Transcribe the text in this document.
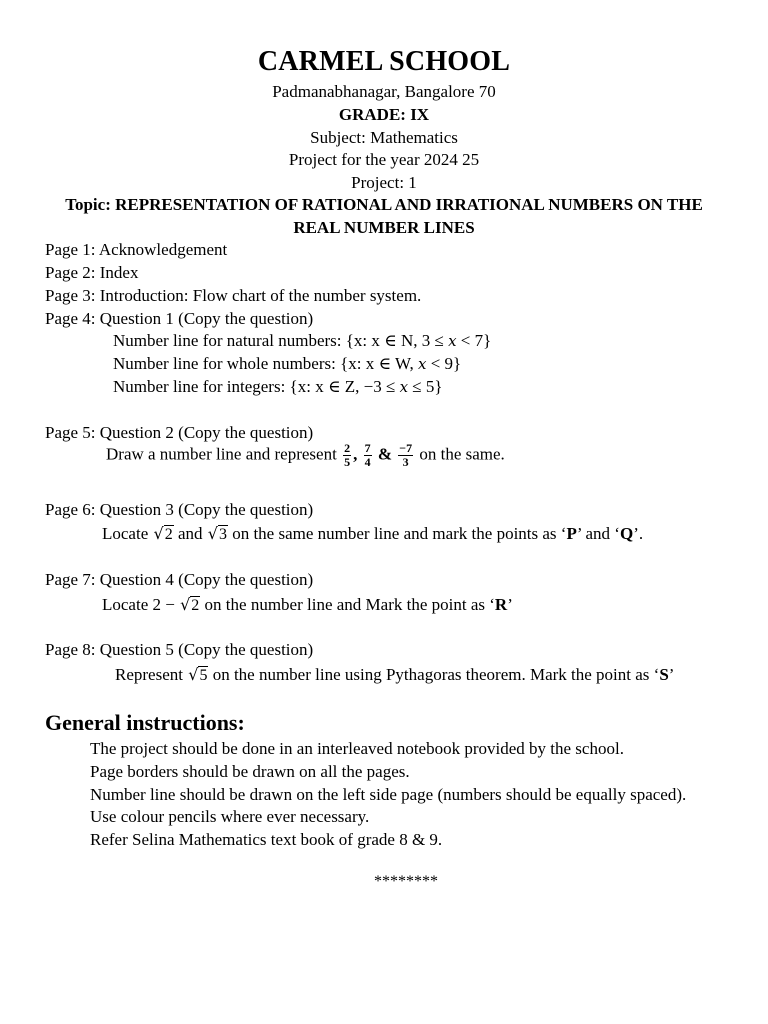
CARMEL SCHOOL
Padmanabhanagar, Bangalore 70
GRADE: IX
Subject: Mathematics
Project for the year 2024 25
Project: 1
Topic: REPRESENTATION OF RATIONAL AND IRRATIONAL NUMBERS ON THE
REAL NUMBER LINES
Page 1: Acknowledgement
Page 2: Index
Page 3: Introduction: Flow chart of the number system.
Page 4: Question 1 (Copy the question)
Number line for natural numbers: {x: x ∈ N, 3 ≤ x < 7}
Number line for whole numbers: {x: x ∈ W, x < 9}
Number line for integers: {x: x ∈ Z, −3 ≤ x ≤ 5}
Page 5: Question 2 (Copy the question)
Draw a number line and represent $\frac{2}{5}$ , $\frac{7}{4}$ & $\frac{-7}{3}$ on the same.
Page 6: Question 3 (Copy the question)
Locate √2 and √3 on the same number line and mark the points as ‘P’ and ‘Q’.
Page 7: Question 4 (Copy the question)
Locate 2 − √2 on the number line and Mark the point as ‘R’
Page 8: Question 5 (Copy the question)
Represent √5 on the number line using Pythagoras theorem. Mark the point as ‘S’
General instructions:
The project should be done in an interleaved notebook provided by the school.
Page borders should be drawn on all the pages.
Number line should be drawn on the left side page (numbers should be equally spaced).
Use colour pencils where ever necessary.
Refer Selina Mathematics text book of grade 8 & 9.
********
